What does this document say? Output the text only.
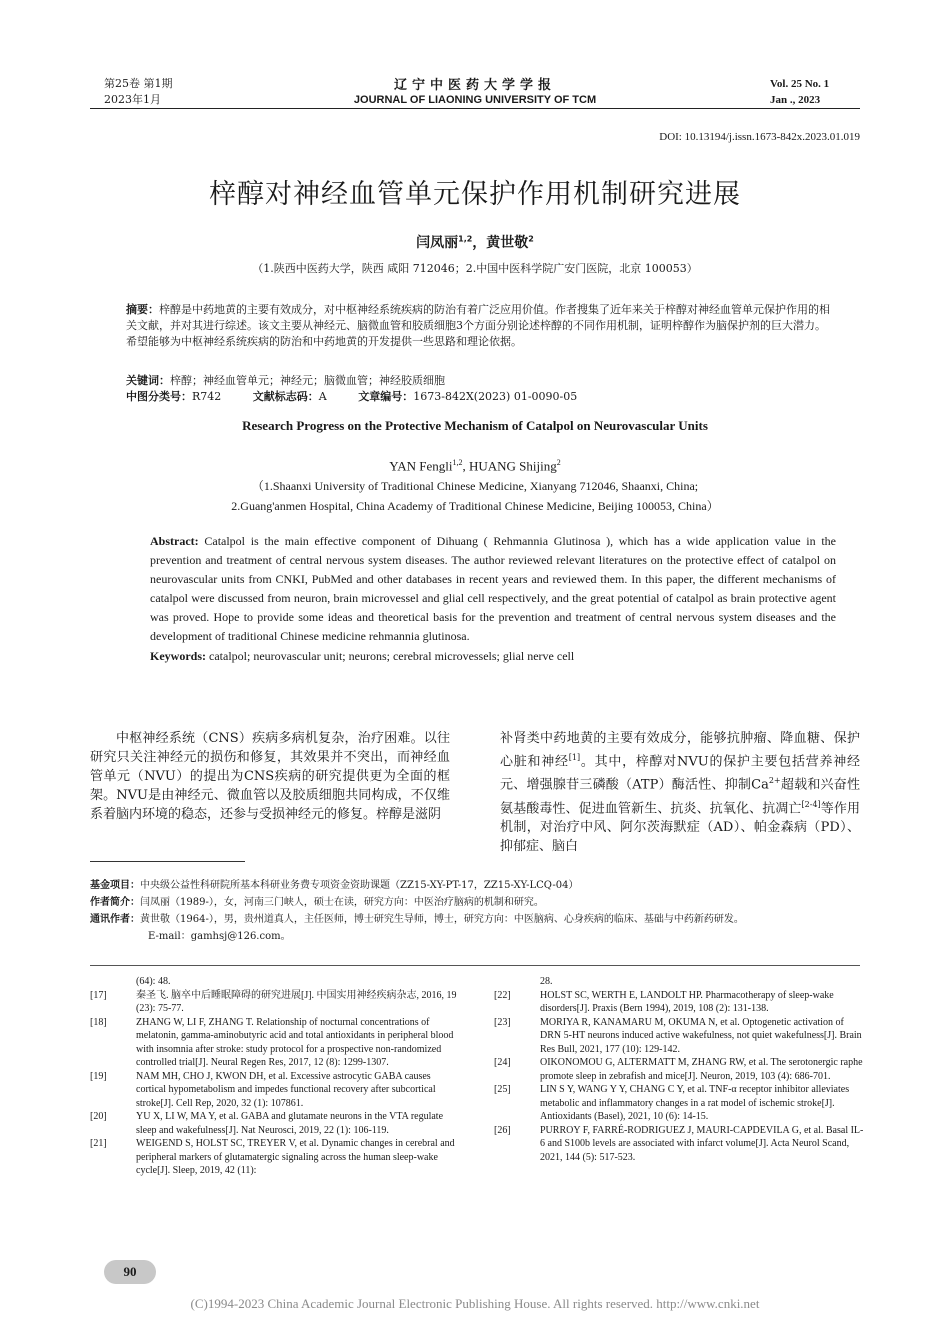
第25卷 第1期
2023年1月
辽宁中医药大学学报
JOURNAL OF LIAONING UNIVERSITY OF TCM
Vol. 25 No. 1
Jan ., 2023
DOI: 10.13194/j.issn.1673-842x.2023.01.019
梓醇对神经血管单元保护作用机制研究进展
闫凤丽$^{1,2}$，黄世敬$^2$
（1.陕西中医药大学，陕西 咸阳 712046；2.中国中医科学院广安门医院，北京 100053）
摘要：梓醇是中药地黄的主要有效成分，对中枢神经系统疾病的防治有着广泛应用价值。作者搜集了近年来关于梓醇对神经血管单元保护作用的相关文献，并对其进行综述。该文主要从神经元、脑微血管和胶质细胞3个方面分别论述梓醇的不同作用机制，证明梓醇作为脑保护剂的巨大潜力。希望能够为中枢神经系统疾病的防治和中药地黄的开发提供一些思路和理论依据。
关键词：梓醇；神经血管单元；神经元；脑微血管；神经胶质细胞
中图分类号：R742	文献标志码：A	文章编号：1673-842X(2023) 01-0090-05
Research Progress on the Protective Mechanism of Catalpol on Neurovascular Units
YAN Fengli$^{1,2}$, HUANG Shijing$^2$
（1.Shaanxi University of Traditional Chinese Medicine, Xianyang 712046, Shaanxi, China;
2.Guang'anmen Hospital, China Academy of Traditional Chinese Medicine, Beijing 100053, China）
Abstract: Catalpol is the main effective component of Dihuang ( Rehmannia Glutinosa ), which has a wide application value in the prevention and treatment of central nervous system diseases. The author reviewed relevant literatures on the protective effect of catalpol on neurovascular units from CNKI, PubMed and other databases in recent years and reviewed them. In this paper, the different mechanisms of catalpol were discussed from neuron, brain microvessel and glial cell respectively, and the great potential of catalpol as brain protective agent was proved. Hope to provide some ideas and theoretical basis for the prevention and treatment of central nervous system diseases and the development of traditional Chinese medicine rehmannia glutinosa.
Keywords: catalpol; neurovascular unit; neurons; cerebral microvessels; glial nerve cell
中枢神经系统（CNS）疾病多病机复杂，治疗困难。以往研究只关注神经元的损伤和修复，其效果并不突出，而神经血管单元（NVU）的提出为CNS疾病的研究提供更为全面的框架。NVU是由神经元、微血管以及胶质细胞共同构成，不仅维系着脑内环境的稳态，还参与受损神经元的修复。梓醇是滋阴
补肾类中药地黄的主要有效成分，能够抗肿瘤、降血糖、保护心脏和神经[1]。其中，梓醇对NVU的保护主要包括营养神经元、增强腺苷三磷酸（ATP）酶活性、抑制$Ca^{2+}$超载和兴奋性氨基酸毒性、促进血管新生、抗炎、抗氧化、抗凋亡[2-4]等作用机制，对治疗中风、阿尔茨海默症（AD）、帕金森病（PD）、抑郁症、脑白
基金项目：中央级公益性科研院所基本科研业务费专项资金资助课题（ZZ15-XY-PT-17，ZZ15-XY-LCQ-04）
作者简介：闫凤丽（1989-），女，河南三门峡人，硕士在读，研究方向：中医治疗脑病的机制和研究。
通讯作者：黄世敬（1964-），男，贵州道真人，主任医师，博士研究生导师，博士，研究方向：中医脑病、心身疾病的临床、基础与中药新药研发。
E-mail：gamhsj@126.com。
(64): 48.
[17]	秦圣飞. 脑卒中后睡眠障碍的研究进展[J]. 中国实用神经疾病杂志, 2016, 19 (23): 75-77.
[18]	ZHANG W, LI F, ZHANG T. Relationship of nocturnal concentrations of melatonin, gamma-aminobutyric acid and total antioxidants in peripheral blood with insomnia after stroke: study protocol for a prospective non-randomized controlled trial[J]. Neural Regen Res, 2017, 12 (8): 1299-1307.
[19]	NAM MH, CHO J, KWON DH, et al. Excessive astrocytic GABA causes cortical hypometabolism and impedes functional recovery after subcortical stroke[J]. Cell Rep, 2020, 32 (1): 107861.
[20]	YU X, LI W, MA Y, et al. GABA and glutamate neurons in the VTA regulate sleep and wakefulness[J]. Nat Neurosci, 2019, 22 (1): 106-119.
[21]	WEIGEND S, HOLST SC, TREYER V, et al. Dynamic changes in cerebral and peripheral markers of glutamatergic signaling across the human sleep-wake cycle[J]. Sleep, 2019, 42 (11):
28.
[22]	HOLST SC, WERTH E, LANDOLT HP. Pharmacotherapy of sleep-wake disorders[J]. Praxis (Bern 1994), 2019, 108 (2): 131-138.
[23]	MORIYA R, KANAMARU M, OKUMA N, et al. Optogenetic activation of DRN 5-HT neurons induced active wakefulness, not quiet wakefulness[J]. Brain Res Bull, 2021, 177 (10): 129-142.
[24]	OIKONOMOU G, ALTERMATT M, ZHANG RW, et al. The serotonergic raphe promote sleep in zebrafish and mice[J]. Neuron, 2019, 103 (4): 686-701.
[25]	LIN S Y, WANG Y Y, CHANG C Y, et al. TNF-α receptor inhibitor alleviates metabolic and inflammatory changes in a rat model of ischemic stroke[J]. Antioxidants (Basel), 2021, 10 (6): 14-15.
[26]	PURROY F, FARRÉ-RODRIGUEZ J, MAURI-CAPDEVILA G, et al. Basal IL-6 and S100b levels are associated with infarct volume[J]. Acta Neurol Scand, 2021, 144 (5): 517-523.
90
(C)1994-2023 China Academic Journal Electronic Publishing House. All rights reserved. http://www.cnki.net
